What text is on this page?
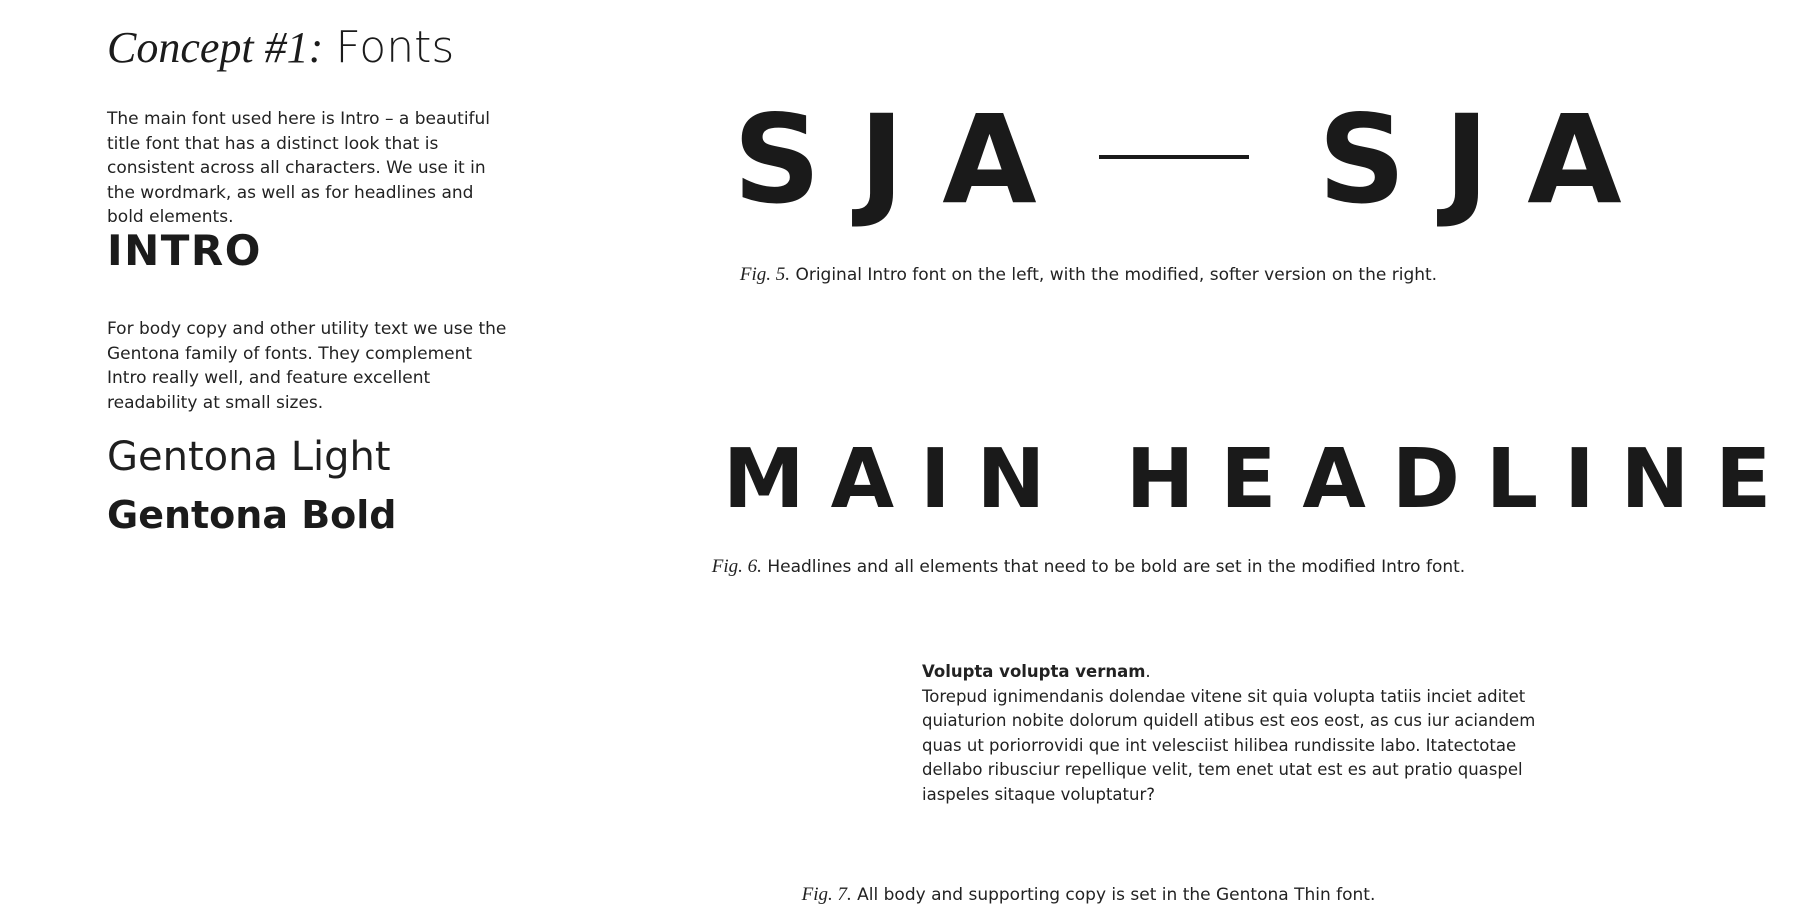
Concept #1: Fonts
The main font used here is Intro – a beautiful title font that has a distinct look that is consistent across all characters. We use it in the wordmark, as well as for headlines and bold elements.
INTRO
For body copy and other utility text we use the Gentona family of fonts. They complement Intro really well, and feature excellent readability at small sizes.
Gentona Light
Gentona Bold
SJA SJA
Fig. 5. Original Intro font on the left, with the modified, softer version on the right.
MAIN HEADLINE
Fig. 6. Headlines and all elements that need to be bold are set in the modified Intro font.
Volupta volupta vernam.
Torepud ignimendanis dolendae vitene sit quia volupta tatiis inciet aditet quiaturion nobite dolorum quidell atibus est eos eost, as cus iur aciandem quas ut poriorrovidi que int velesciist hilibea rundissite labo. Itatectotae dellabo ribusciur repellique velit, tem enet utat est es aut pratio quaspel iaspeles sitaque voluptatur?
Fig. 7. All body and supporting copy is set in the Gentona Thin font.
